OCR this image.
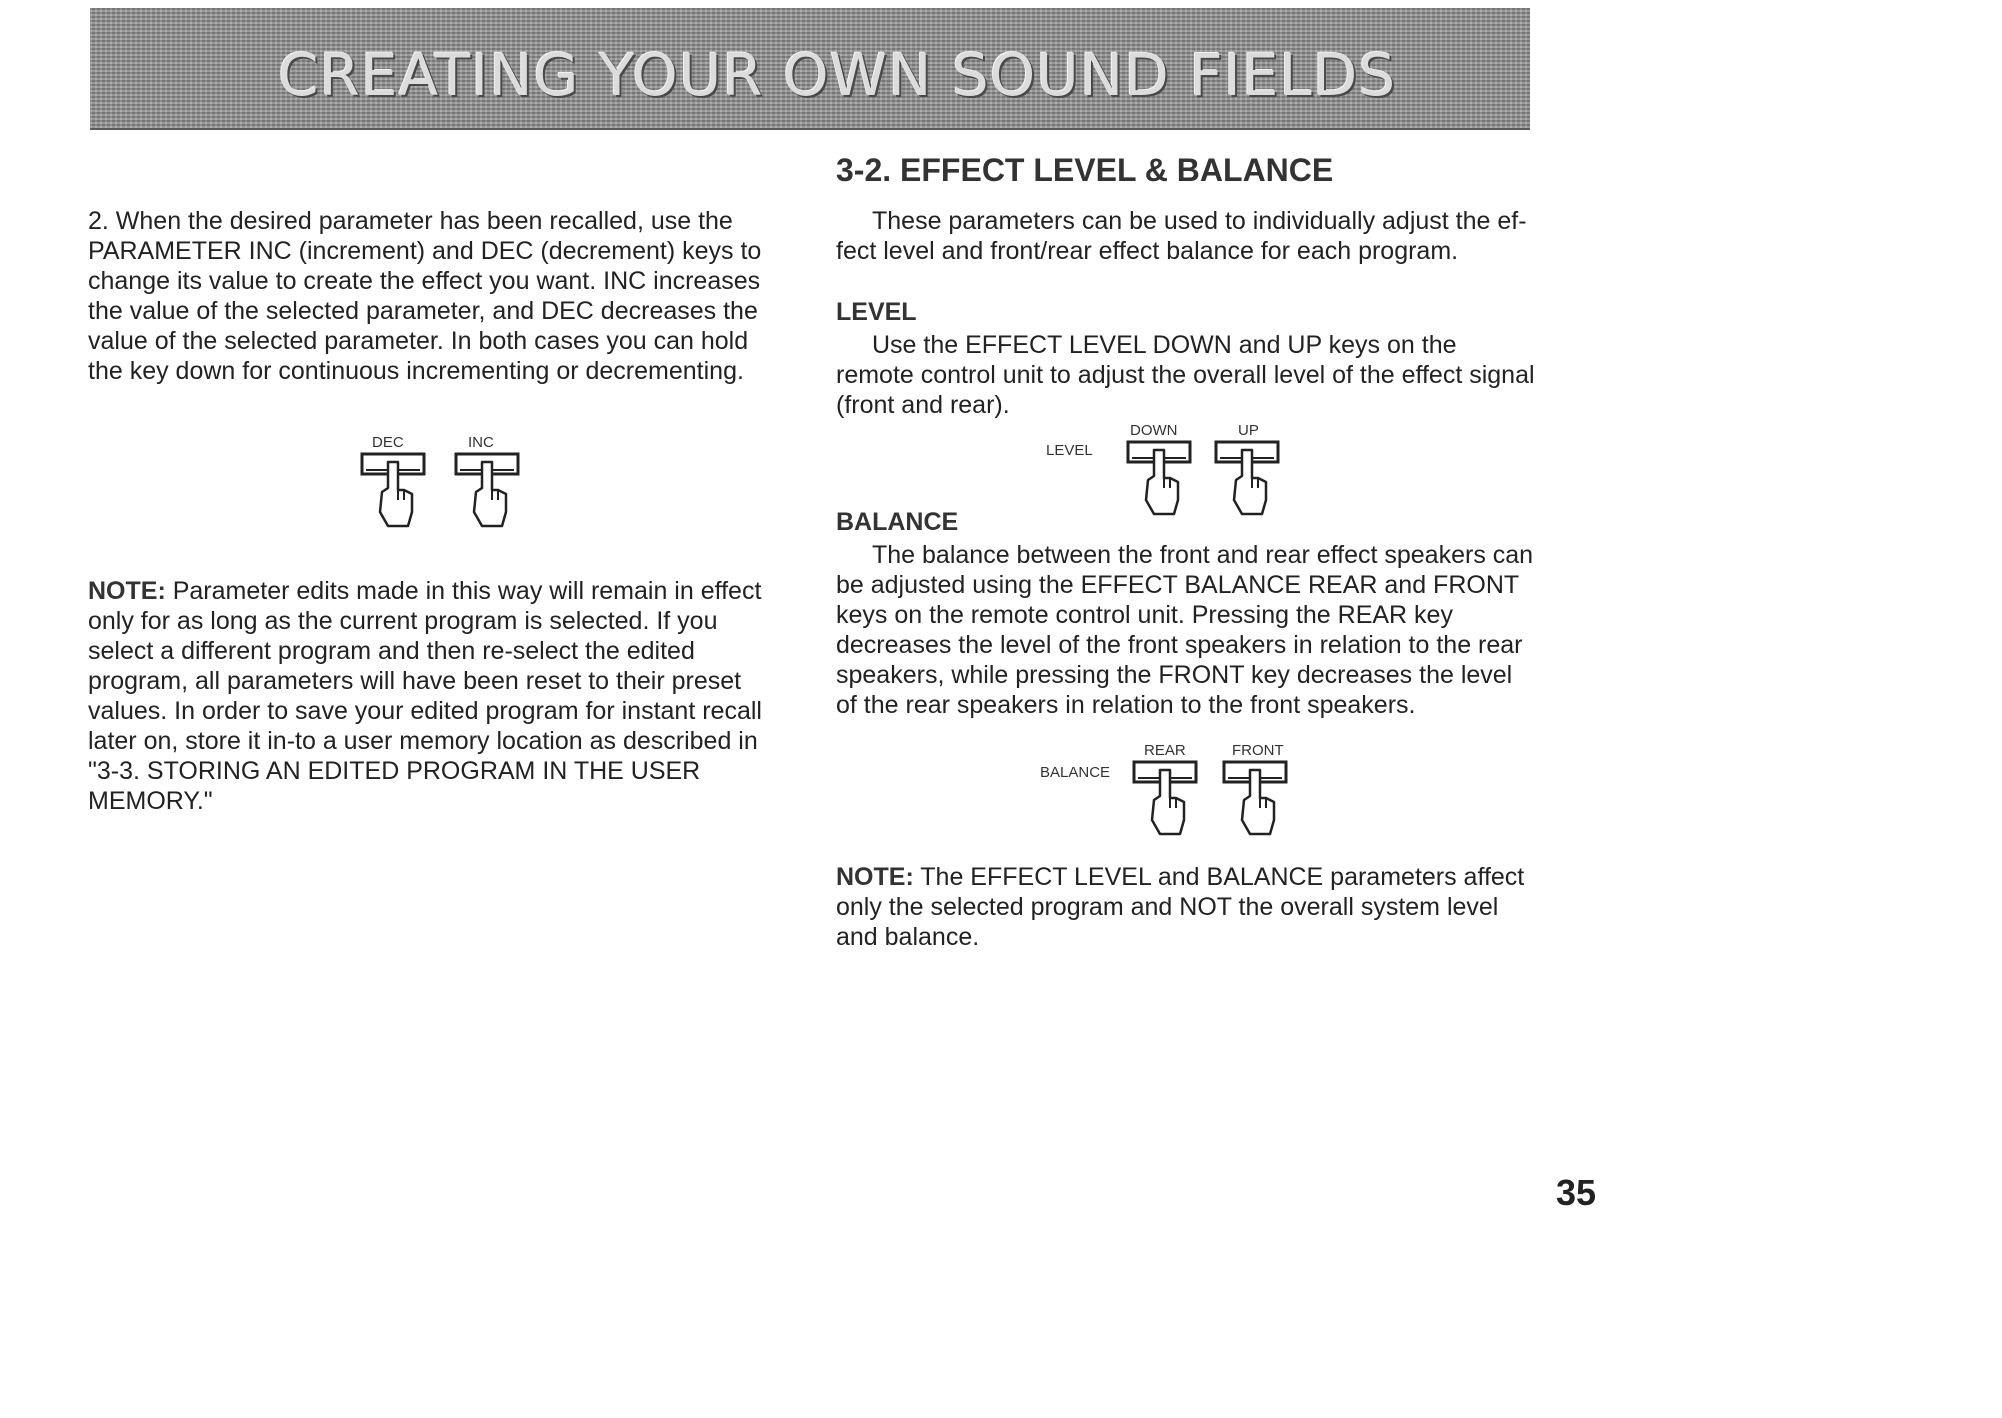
CREATING YOUR OWN SOUND FIELDS

2. When the desired parameter has been recalled, use the PARAMETER INC (increment) and DEC (decrement) keys to change its value to create the effect you want. INC increases the value of the selected parameter, and DEC decreases the value of the selected parameter. In both cases you can hold the key down for continuous incrementing or decrementing.

DEC	INC

NOTE: Parameter edits made in this way will remain in effect only for as long as the current program is selected. If you select a different program and then re-select the edited program, all parameters will have been reset to their preset values. In order to save your edited program for instant recall later on, store it in-to a user memory location as described in "3-3. STORING AN EDITED PROGRAM IN THE USER MEMORY."

3-2. EFFECT LEVEL & BALANCE

These parameters can be used to individually adjust the ef-fect level and front/rear effect balance for each program.

LEVEL

Use the EFFECT LEVEL DOWN and UP keys on the remote control unit to adjust the overall level of the effect signal (front and rear).

LEVEL
DOWN	UP
BALANCE

The balance between the front and rear effect speakers can be adjusted using the EFFECT BALANCE REAR and FRONT keys on the remote control unit. Pressing the REAR key decreases the level of the front speakers in relation to the rear speakers, while pressing the FRONT key decreases the level of the rear speakers in relation to the front speakers.

BALANCE
REAR	FRONT

NOTE: The EFFECT LEVEL and BALANCE parameters affect only the selected program and NOT the overall system level and balance.

35
